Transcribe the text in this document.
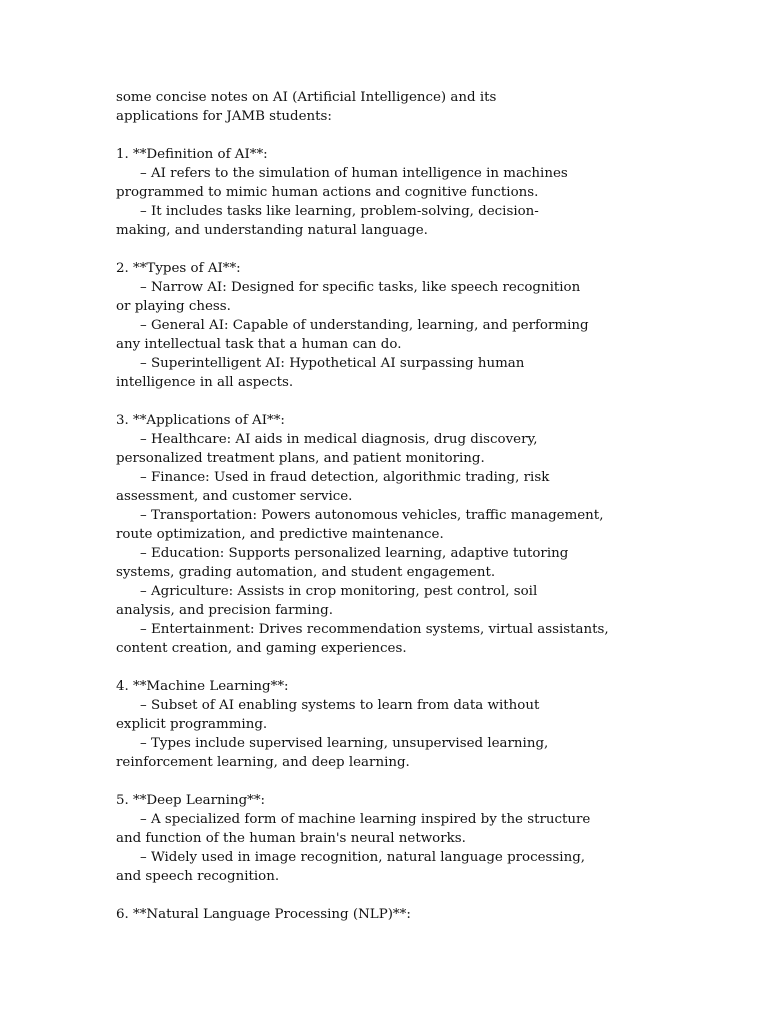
some concise notes on AI (Artificial Intelligence) and its

applications for JAMB students:

1. **Definition of AI**:

– AI refers to the simulation of human intelligence in machines

programmed to mimic human actions and cognitive functions.

– It includes tasks like learning, problem-solving, decision-

making, and understanding natural language.

2. **Types of AI**:

– Narrow AI: Designed for specific tasks, like speech recognition

or playing chess.

– General AI: Capable of understanding, learning, and performing

any intellectual task that a human can do.

– Superintelligent AI: Hypothetical AI surpassing human

intelligence in all aspects.

3. **Applications of AI**:

– Healthcare: AI aids in medical diagnosis, drug discovery,

personalized treatment plans, and patient monitoring.

– Finance: Used in fraud detection, algorithmic trading, risk

assessment, and customer service.

– Transportation: Powers autonomous vehicles, traffic management,

route optimization, and predictive maintenance.

– Education: Supports personalized learning, adaptive tutoring

systems, grading automation, and student engagement.

– Agriculture: Assists in crop monitoring, pest control, soil

analysis, and precision farming.

– Entertainment: Drives recommendation systems, virtual assistants,

content creation, and gaming experiences.

4. **Machine Learning**:

– Subset of AI enabling systems to learn from data without

explicit programming.

– Types include supervised learning, unsupervised learning,

reinforcement learning, and deep learning.

5. **Deep Learning**:

– A specialized form of machine learning inspired by the structure

and function of the human brain's neural networks.

– Widely used in image recognition, natural language processing,

and speech recognition.

6. **Natural Language Processing (NLP)**:
